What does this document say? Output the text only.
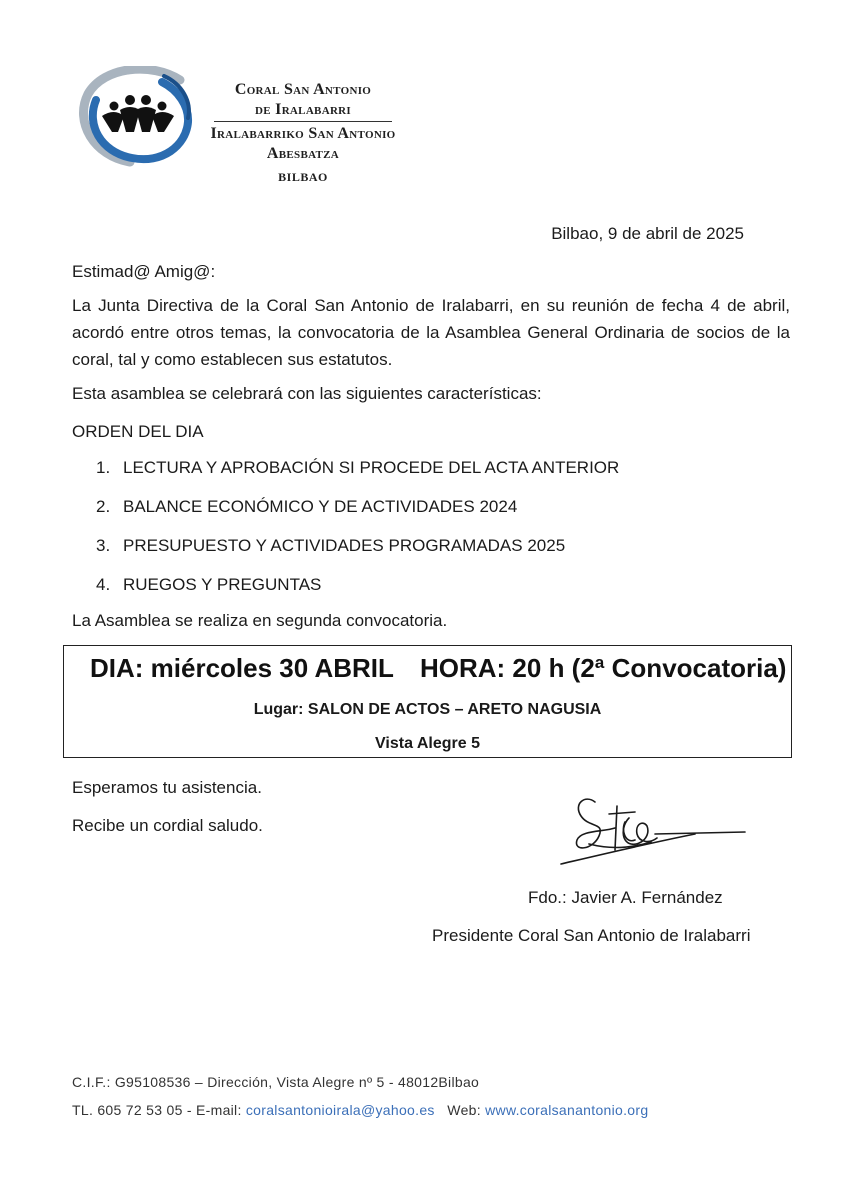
Coral San Antonio
de Iralabarri
Iralabarriko San Antonio
Abesbatza
BILBAO
Bilbao, 9 de abril de 2025
Estimad@ Amig@:
La Junta Directiva de la Coral San Antonio de Iralabarri, en su reunión de fecha 4 de abril, acordó entre otros temas, la convocatoria de la Asamblea General Ordinaria de socios de la coral, tal y como establecen sus estatutos.
Esta asamblea se celebrará con las siguientes características:
ORDEN DEL DIA
1. LECTURA Y APROBACIÓN SI PROCEDE DEL ACTA ANTERIOR
2. BALANCE ECONÓMICO Y DE ACTIVIDADES 2024
3. PRESUPUESTO Y ACTIVIDADES PROGRAMADAS 2025
4. RUEGOS Y PREGUNTAS
La Asamblea se realiza en segunda convocatoria.
DIA: miércoles 30 ABRIL HORA: 20 h (2ª Convocatoria)
Lugar: SALON DE ACTOS – ARETO NAGUSIA
Vista Alegre 5
Esperamos tu asistencia.
Recibe un cordial saludo.
Fdo.: Javier A. Fernández
Presidente Coral San Antonio de Iralabarri
C.I.F.: G95108536 – Dirección, Vista Alegre nº 5 - 48012Bilbao
TL. 605 72 53 05 - E-mail: coralsantonioirala@yahoo.es   Web: www.coralsanantonio.org
